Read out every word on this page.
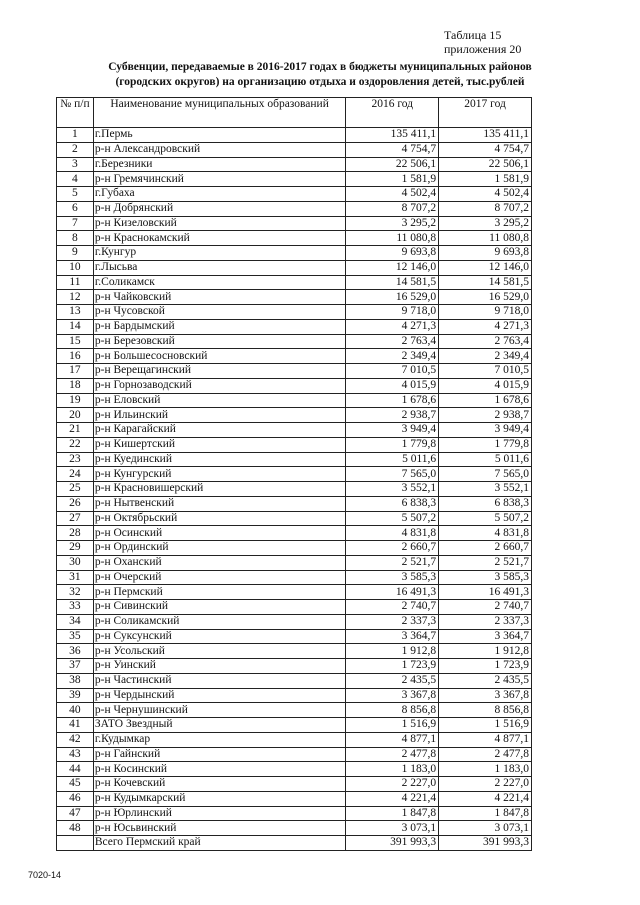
Таблица 15
приложения 20
Субвенции, передаваемые в 2016-2017 годах в бюджеты муниципальных районов
(городских округов) на организацию отдыха и оздоровления детей, тыс.рублей
№ п/п	Наименование муниципальных образований	2016 год	2017 год
1	г.Пермь	135 411,1	135 411,1
2	р-н Александровский	4 754,7	4 754,7
3	г.Березники	22 506,1	22 506,1
4	р-н Гремячинский	1 581,9	1 581,9
5	г.Губаха	4 502,4	4 502,4
6	р-н Добрянский	8 707,2	8 707,2
7	р-н Кизеловский	3 295,2	3 295,2
8	р-н Краснокамский	11 080,8	11 080,8
9	г.Кунгур	9 693,8	9 693,8
10	г.Лысьва	12 146,0	12 146,0
11	г.Соликамск	14 581,5	14 581,5
12	р-н Чайковский	16 529,0	16 529,0
13	р-н Чусовской	9 718,0	9 718,0
14	р-н Бардымский	4 271,3	4 271,3
15	р-н Березовский	2 763,4	2 763,4
16	р-н Большесосновский	2 349,4	2 349,4
17	р-н Верещагинский	7 010,5	7 010,5
18	р-н Горнозаводский	4 015,9	4 015,9
19	р-н Еловский	1 678,6	1 678,6
20	р-н Ильинский	2 938,7	2 938,7
21	р-н Карагайский	3 949,4	3 949,4
22	р-н Кишертский	1 779,8	1 779,8
23	р-н Куединский	5 011,6	5 011,6
24	р-н Кунгурский	7 565,0	7 565,0
25	р-н Красновишерский	3 552,1	3 552,1
26	р-н Нытвенский	6 838,3	6 838,3
27	р-н Октябрьский	5 507,2	5 507,2
28	р-н Осинский	4 831,8	4 831,8
29	р-н Ординский	2 660,7	2 660,7
30	р-н Оханский	2 521,7	2 521,7
31	р-н Очерский	3 585,3	3 585,3
32	р-н Пермский	16 491,3	16 491,3
33	р-н Сивинский	2 740,7	2 740,7
34	р-н Соликамский	2 337,3	2 337,3
35	р-н Суксунский	3 364,7	3 364,7
36	р-н Усольский	1 912,8	1 912,8
37	р-н Уинский	1 723,9	1 723,9
38	р-н Частинский	2 435,5	2 435,5
39	р-н Чердынский	3 367,8	3 367,8
40	р-н Чернушинский	8 856,8	8 856,8
41	ЗАТО Звездный	1 516,9	1 516,9
42	г.Кудымкар	4 877,1	4 877,1
43	р-н Гайнский	2 477,8	2 477,8
44	р-н Косинский	1 183,0	1 183,0
45	р-н Кочевский	2 227,0	2 227,0
46	р-н Кудымкарский	4 221,4	4 221,4
47	р-н Юрлинский	1 847,8	1 847,8
48	р-н Юсьвинский	3 073,1	3 073,1
	Всего Пермский край	391 993,3	391 993,3
7020-14
